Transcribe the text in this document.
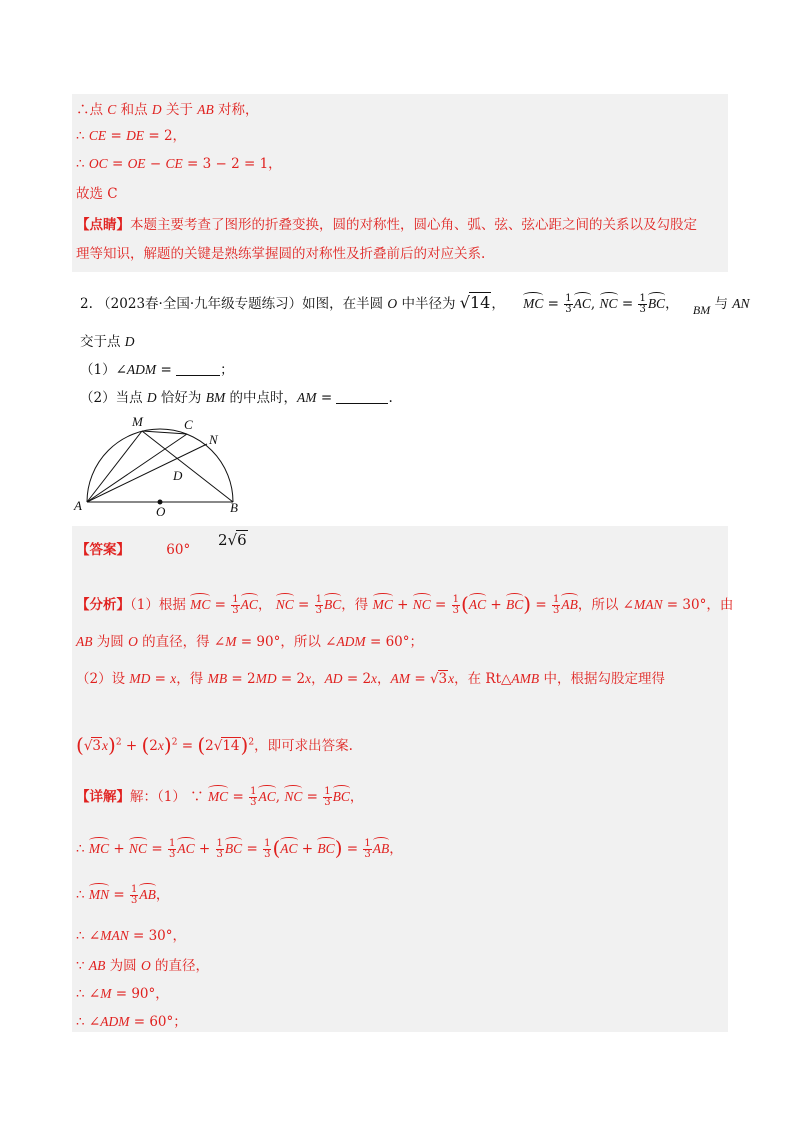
∴点 C 和点 D 关于 AB 对称，
∴ CE = DE = 2，
∴ OC = OE − CE = 3 − 2 = 1，
故选 C
【点睛】本题主要考查了图形的折叠变换，圆的对称性，圆心角、弧、弦、弦心距之间的关系以及勾股定
理等知识，解题的关键是熟练掌握圆的对称性及折叠前后的对应关系.
2. （2023春·全国·九年级专题练习）如图，在半圆 O 中半径为 √14， MC = $\frac{1}{3}$ AC, NC = $\frac{1}{3}$ BC， BM 与 AN
交于点 D
（1）∠ADM =	；
（2）当点 D 恰好为 BM 的中点时，AM =	.
M	C
N
D
A	O	B
【答案】	60°
2√6
【分析】（1）根据 MC = $\frac{1}{3}$ AC， NC = $\frac{1}{3}$ BC，得 MC + NC = $\frac{1}{3} (AC + BC) = \frac{1}{3}$ AB，所以 ∠MAN = 30°，由
AB 为圆 O 的直径，得 ∠M = 90°，所以 ∠ADM = 60°；
（2）设 MD = x，得 MB = 2MD = 2x，AD = 2x，AM = √3x，在 Rt△AMB 中，根据勾股定理得
$(√3x)^2 + (2x)^2 = (2√14)^2$，即可求出答案.
【详解】解：（1） ∵ MC = $\frac{1}{3}$ AC, NC = $\frac{1}{3}$ BC，
∴ MC + NC = $\frac{1}{3}$ AC + $\frac{1}{3}$ BC = $\frac{1}{3} (AC + BC) = \frac{1}{3}$ AB，
∴ MN = $\frac{1}{3}$ AB，
∴ ∠MAN = 30°，
∵ AB 为圆 O 的直径，
∴ ∠M = 90°，
∴ ∠ADM = 60°；
